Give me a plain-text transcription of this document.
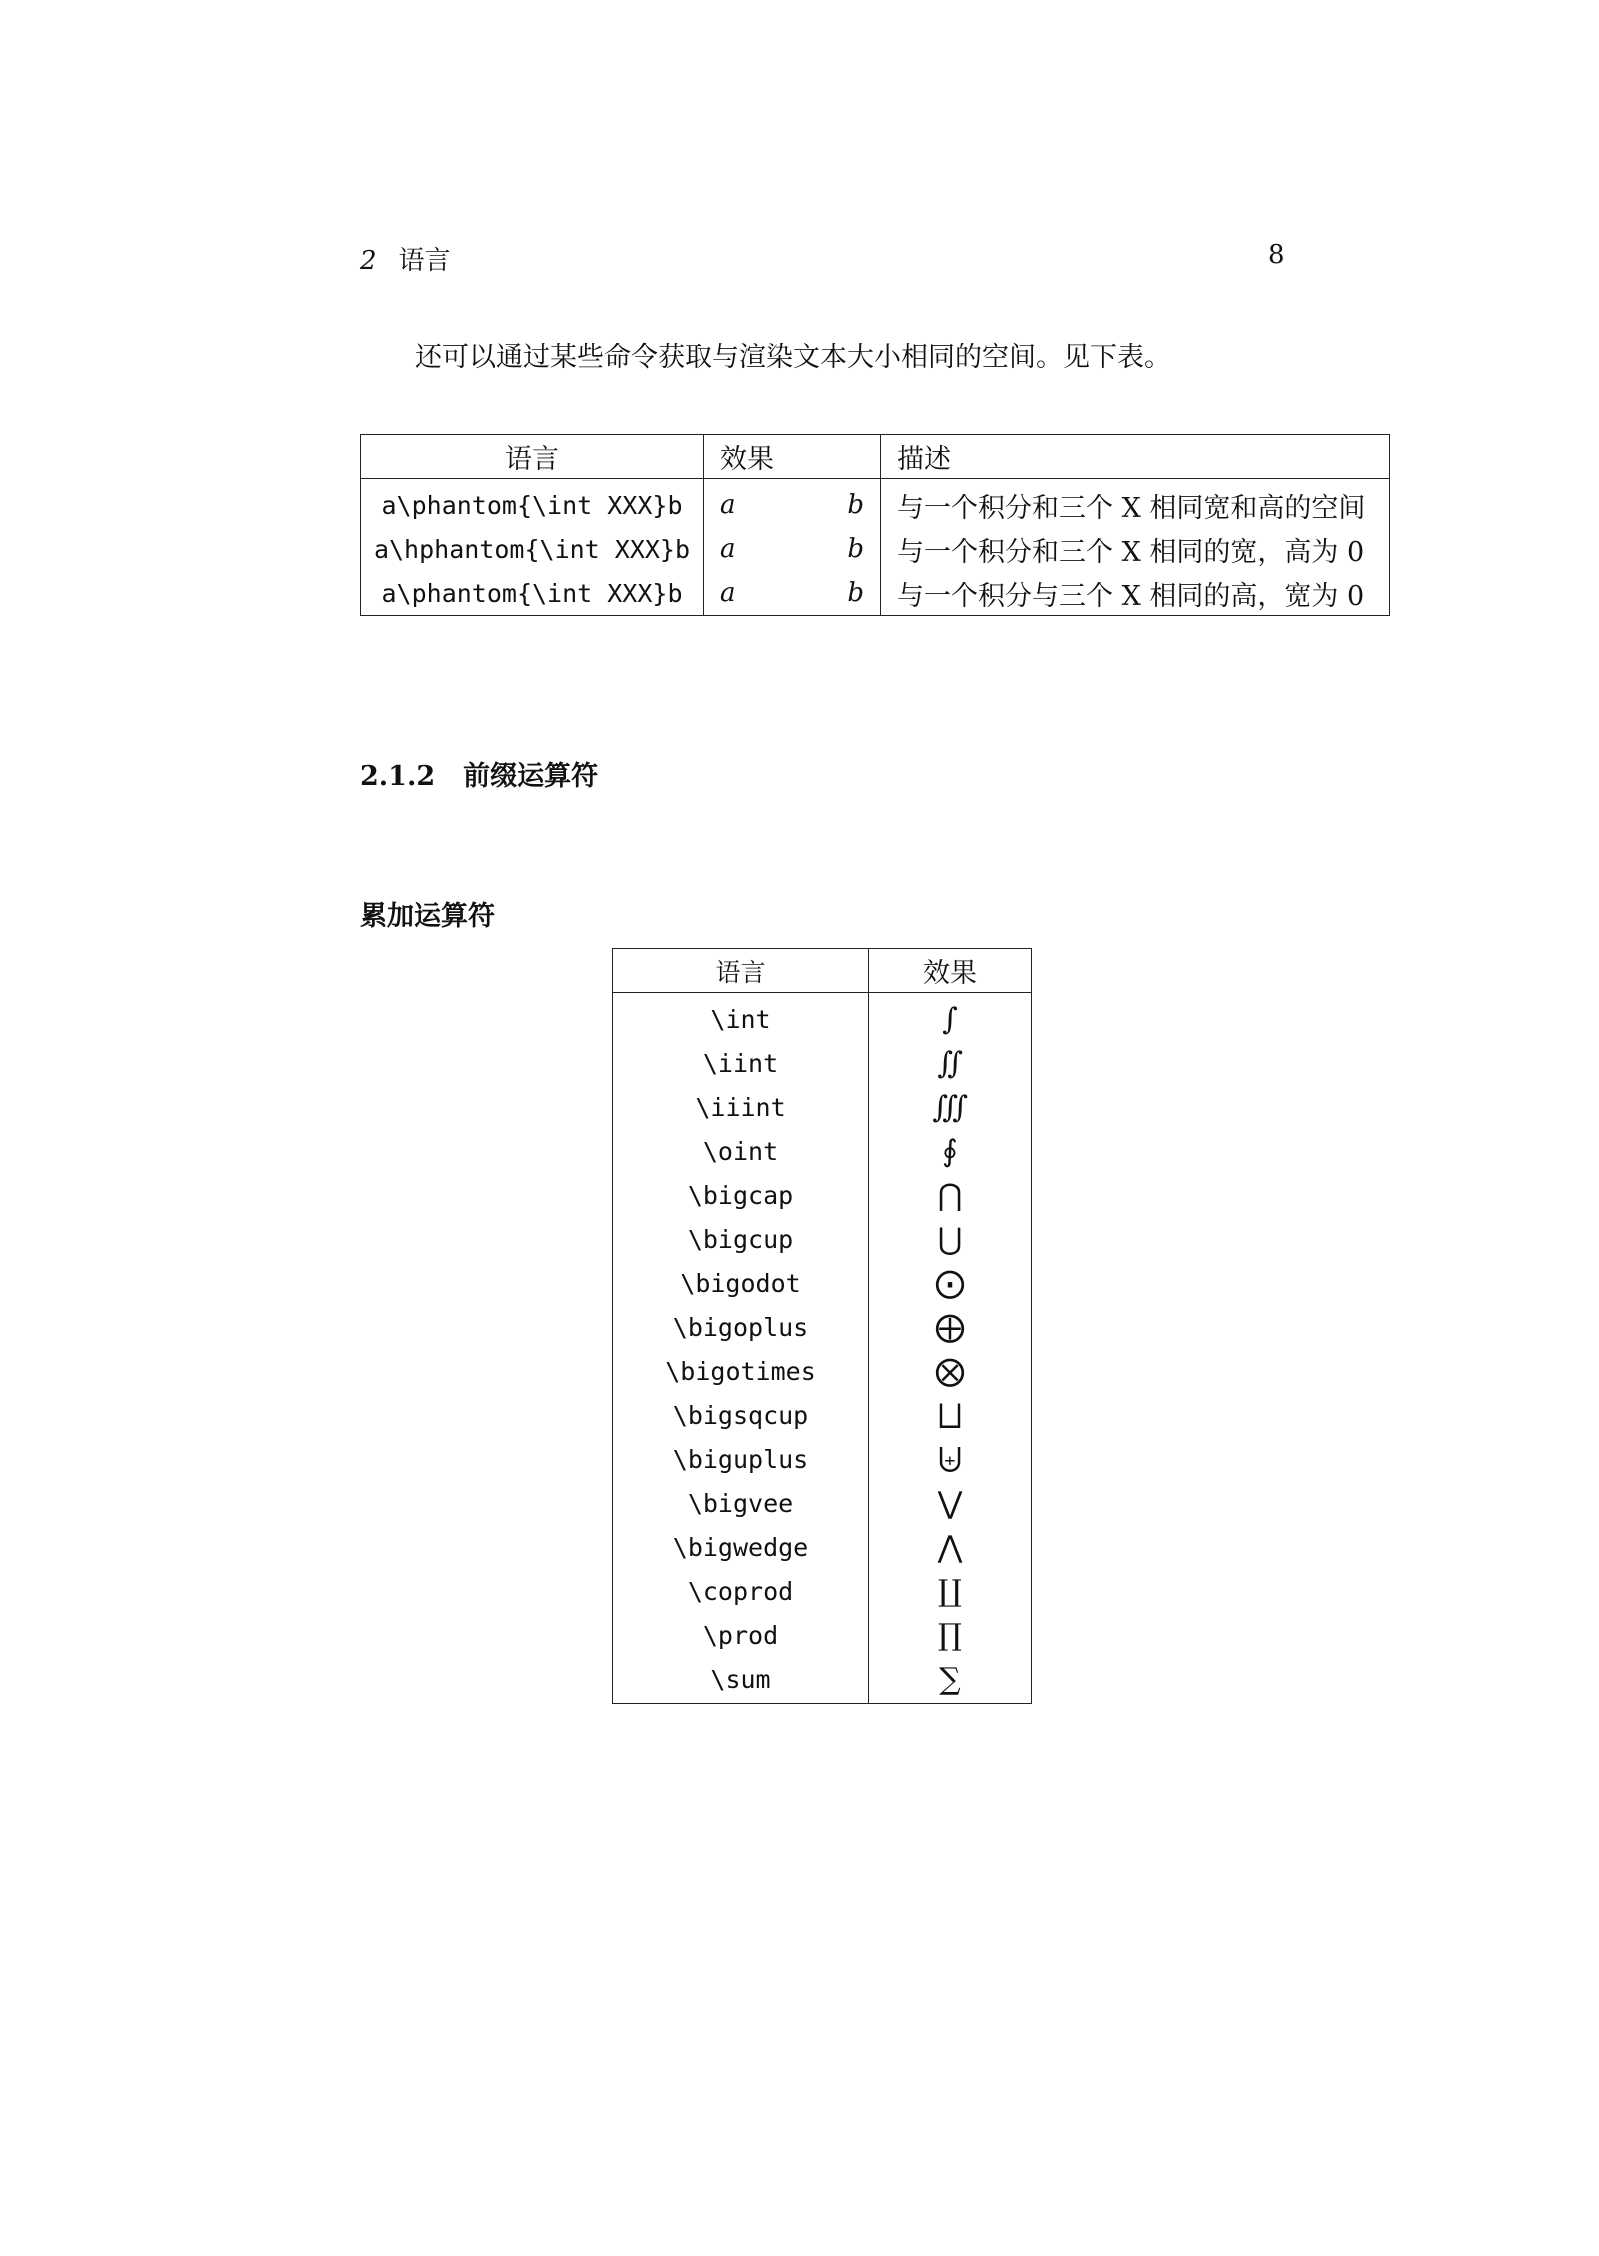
2 语言	8
还可以通过某些命令获取与渲染文本大小相同的空间。见下表。
语言	效果	描述
a\phantom{\int XXX}b	a b	与一个积分和三个 X 相同宽和高的空间
a\hphantom{\int XXX}b	a b	与一个积分和三个 X 相同的宽，高为 0
a\phantom{\int XXX}b	a b	与一个积分与三个 X 相同的高，宽为 0
2.1.2 前缀运算符
累加运算符
语言	效果
\int	∫
\iint	∬
\iiint	∭
\oint	∮
\bigcap	⋂
\bigcup	⋃
\bigodot	⨀
\bigoplus	⨁
\bigotimes	⨂
\bigsqcup	⨆
\biguplus	⨄
\bigvee	⋁
\bigwedge	⋀
\coprod	∐
\prod	∏
\sum	∑
